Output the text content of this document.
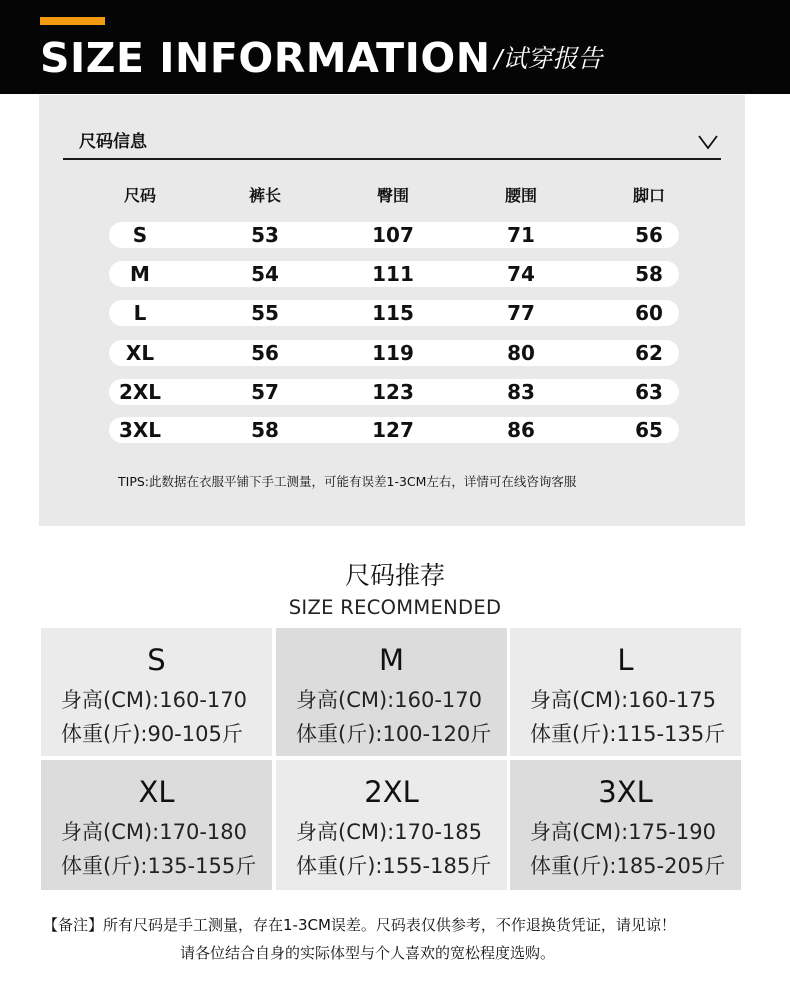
SIZE INFORMATION /试穿报告
尺码信息
尺码	裤长	臀围	腰围	脚口
S	53	107	71	56
M	54	111	74	58
L	55	115	77	60
XL	56	119	80	62
2XL	57	123	83	63
3XL	58	127	86	65
TIPS:此数据在衣服平铺下手工测量，可能有误差1-3CM左右，详情可在线咨询客服
尺码推荐
SIZE RECOMMENDED
S
身高(CM):160-170
体重(斤):90-105斤
M
身高(CM):160-170
体重(斤):100-120斤
L
身高(CM):160-175
体重(斤):115-135斤
XL
身高(CM):170-180
体重(斤):135-155斤
2XL
身高(CM):170-185
体重(斤):155-185斤
3XL
身高(CM):175-190
体重(斤):185-205斤
【备注】所有尺码是手工测量，存在1-3CM误差。尺码表仅供参考，不作退换货凭证，请见谅！
请各位结合自身的实际体型与个人喜欢的宽松程度选购。
